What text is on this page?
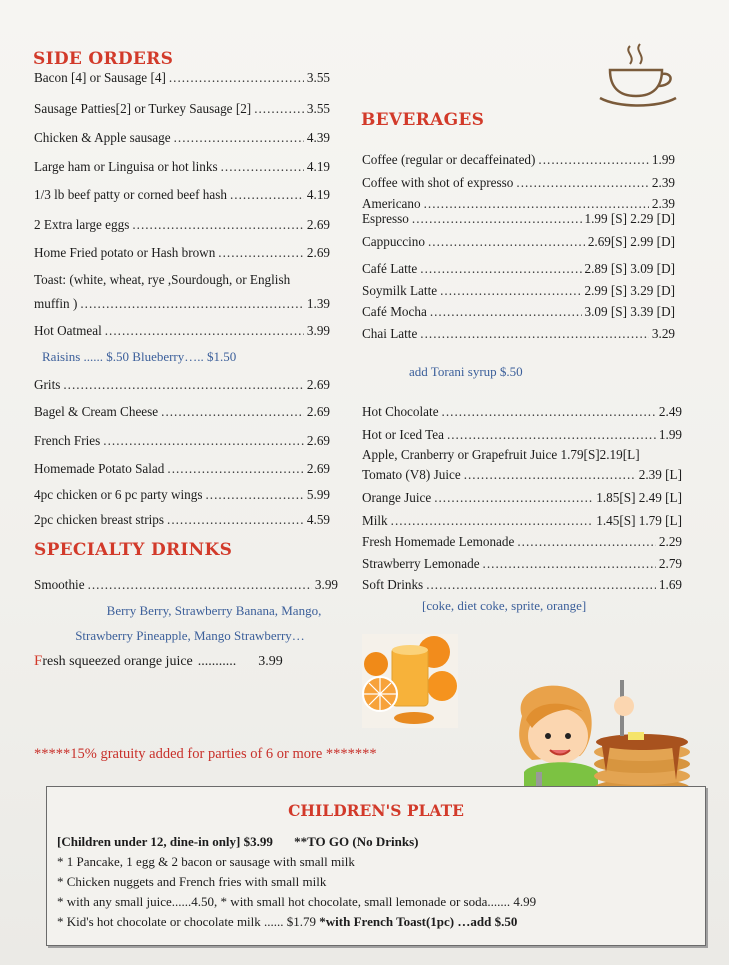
SIDE ORDERS
Bacon [4] or Sausage [4] .....	3.55
Sausage Patties[2] or Turkey Sausage [2] .....	3.55
Chicken & Apple sausage .....	4.39
Large ham or Linguisa or hot links .....	4.19
1/3 lb beef patty or corned beef hash .....	4.19
2 Extra large eggs .....	2.69
Home Fried potato or Hash brown .....	2.69
Toast: (white, wheat, rye ,Sourdough, or English
muffin ) .....	1.39
Hot Oatmeal .....	3.99
Grits .....	2.69
Bagel & Cream Cheese .....	2.69
French Fries .....	2.69
Homemade Potato Salad .....	2.69
4pc chicken or 6 pc party wings .....	5.99
2pc chicken breast strips .....	4.59
Raisins ...... $.50 Blueberry….. $1.50
SPECIALTY DRINKS
Smoothie .....	3.99
Berry Berry, Strawberry Banana, Mango,
Strawberry Pineapple, Mango Strawberry…
F resh squeezed orange juice ........... 3.99
BEVERAGES
Coffee (regular or decaffeinated) .....	1.99
Coffee with shot of expresso .....	2.39
Americano .....	2.39
Espresso .....	1.99 [S] 2.29 [D]
Cappuccino .....	2.69[S] 2.99 [D]
Café Latte .....	2.89 [S] 3.09 [D]
Soymilk Latte .....	2.99 [S] 3.29 [D]
Café Mocha .....	3.09 [S] 3.39 [D]
Chai Latte .....	3.29
add Torani syrup $.50
Hot Chocolate .....	2.49
Hot or Iced Tea .....	1.99
Apple, Cranberry or Grapefruit Juice 1.79[S]2.19[L]
Tomato (V8) Juice .....	2.39 [L]
Orange Juice .....	1.85[S] 2.49 [L]
Milk .....	1.45[S] 1.79 [L]
Fresh Homemade Lemonade .....	2.29
Strawberry Lemonade .....	2.79
Soft Drinks .....	1.69
[coke, diet coke, sprite, orange]
*****15% gratuity added for parties of 6 or more *******
CHILDREN'S PLATE
[Children under 12, dine-in only] $3.99 **TO GO (No Drinks)
* 1 Pancake, 1 egg & 2 bacon or sausage with small milk
* Chicken nuggets and French fries with small milk
* with any small juice......4.50, * with small hot chocolate, small lemonade or soda....... 4.99
* Kid's hot chocolate or chocolate milk ...... $1.79 *with French Toast(1pc) …add $.50
